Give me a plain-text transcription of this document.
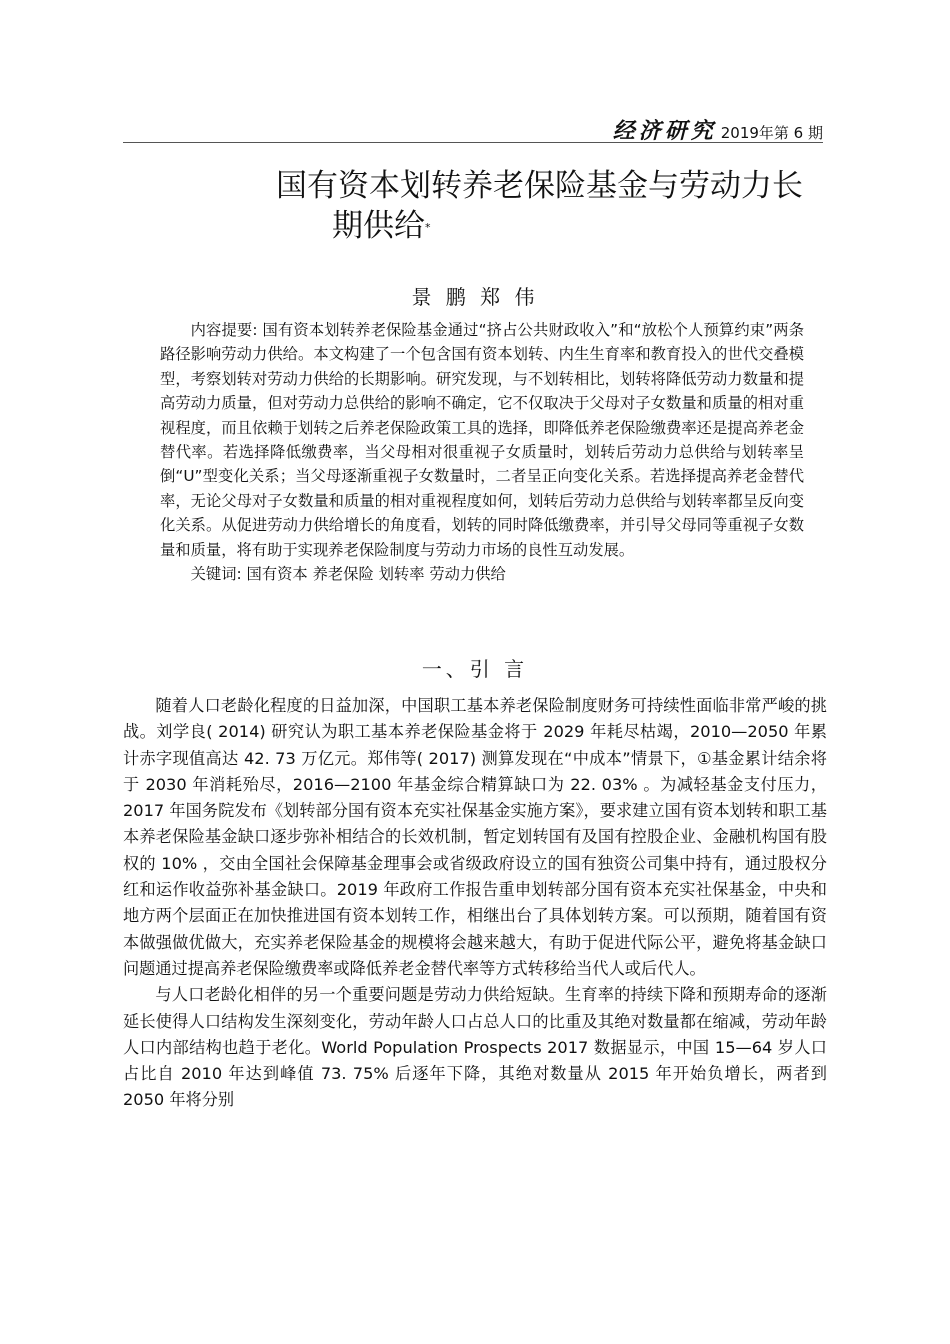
经济研究 2019年第 6 期
国有资本划转养老保险基金与劳动力长
期供给*
景 鹏 郑 伟

内容提要: 国有资本划转养老保险基金通过“挤占公共财政收入”和“放松个人预算约束”两条路径影响劳动力供给。本文构建了一个包含国有资本划转、内生生育率和教育投入的世代交叠模型，考察划转对劳动力供给的长期影响。研究发现，与不划转相比，划转将降低劳动力数量和提高劳动力质量，但对劳动力总供给的影响不确定，它不仅取决于父母对子女数量和质量的相对重视程度，而且依赖于划转之后养老保险政策工具的选择，即降低养老保险缴费率还是提高养老金替代率。若选择降低缴费率，当父母相对很重视子女质量时，划转后劳动力总供给与划转率呈倒“U”型变化关系；当父母逐渐重视子女数量时，二者呈正向变化关系。若选择提高养老金替代率，无论父母对子女数量和质量的相对重视程度如何，划转后劳动力总供给与划转率都呈反向变化关系。从促进劳动力供给增长的角度看，划转的同时降低缴费率，并引导父母同等重视子女数量和质量，将有助于实现养老保险制度与劳动力市场的良性互动发展。

关键词: 国有资本 养老保险 划转率 劳动力供给

一、引 言

随着人口老龄化程度的日益加深，中国职工基本养老保险制度财务可持续性面临非常严峻的挑战。刘学良( 2014) 研究认为职工基本养老保险基金将于 2029 年耗尽枯竭，2010—2050 年累计赤字现值高达 42. 73 万亿元。郑伟等( 2017) 测算发现在“中成本”情景下，①基金累计结余将于 2030 年消耗殆尽，2016—2100 年基金综合精算缺口为 22. 03% 。为减轻基金支付压力，2017 年国务院发布《划转部分国有资本充实社保基金实施方案》，要求建立国有资本划转和职工基本养老保险基金缺口逐步弥补相结合的长效机制，暂定划转国有及国有控股企业、金融机构国有股权的 10% ，交由全国社会保障基金理事会或省级政府设立的国有独资公司集中持有，通过股权分红和运作收益弥补基金缺口。2019 年政府工作报告重申划转部分国有资本充实社保基金，中央和地方两个层面正在加快推进国有资本划转工作，相继出台了具体划转方案。可以预期，随着国有资本做强做优做大，充实养老保险基金的规模将会越来越大，有助于促进代际公平，避免将基金缺口问题通过提高养老保险缴费率或降低养老金替代率等方式转移给当代人或后代人。

与人口老龄化相伴的另一个重要问题是劳动力供给短缺。生育率的持续下降和预期寿命的逐渐延长使得人口结构发生深刻变化，劳动年龄人口占总人口的比重及其绝对数量都在缩减，劳动年龄人口内部结构也趋于老化。World Population Prospects 2017 数据显示，中国 15—64 岁人口占比自 2010 年达到峰值 73. 75% 后逐年下降，其绝对数量从 2015 年开始负增长，两者到 2050 年将分别
